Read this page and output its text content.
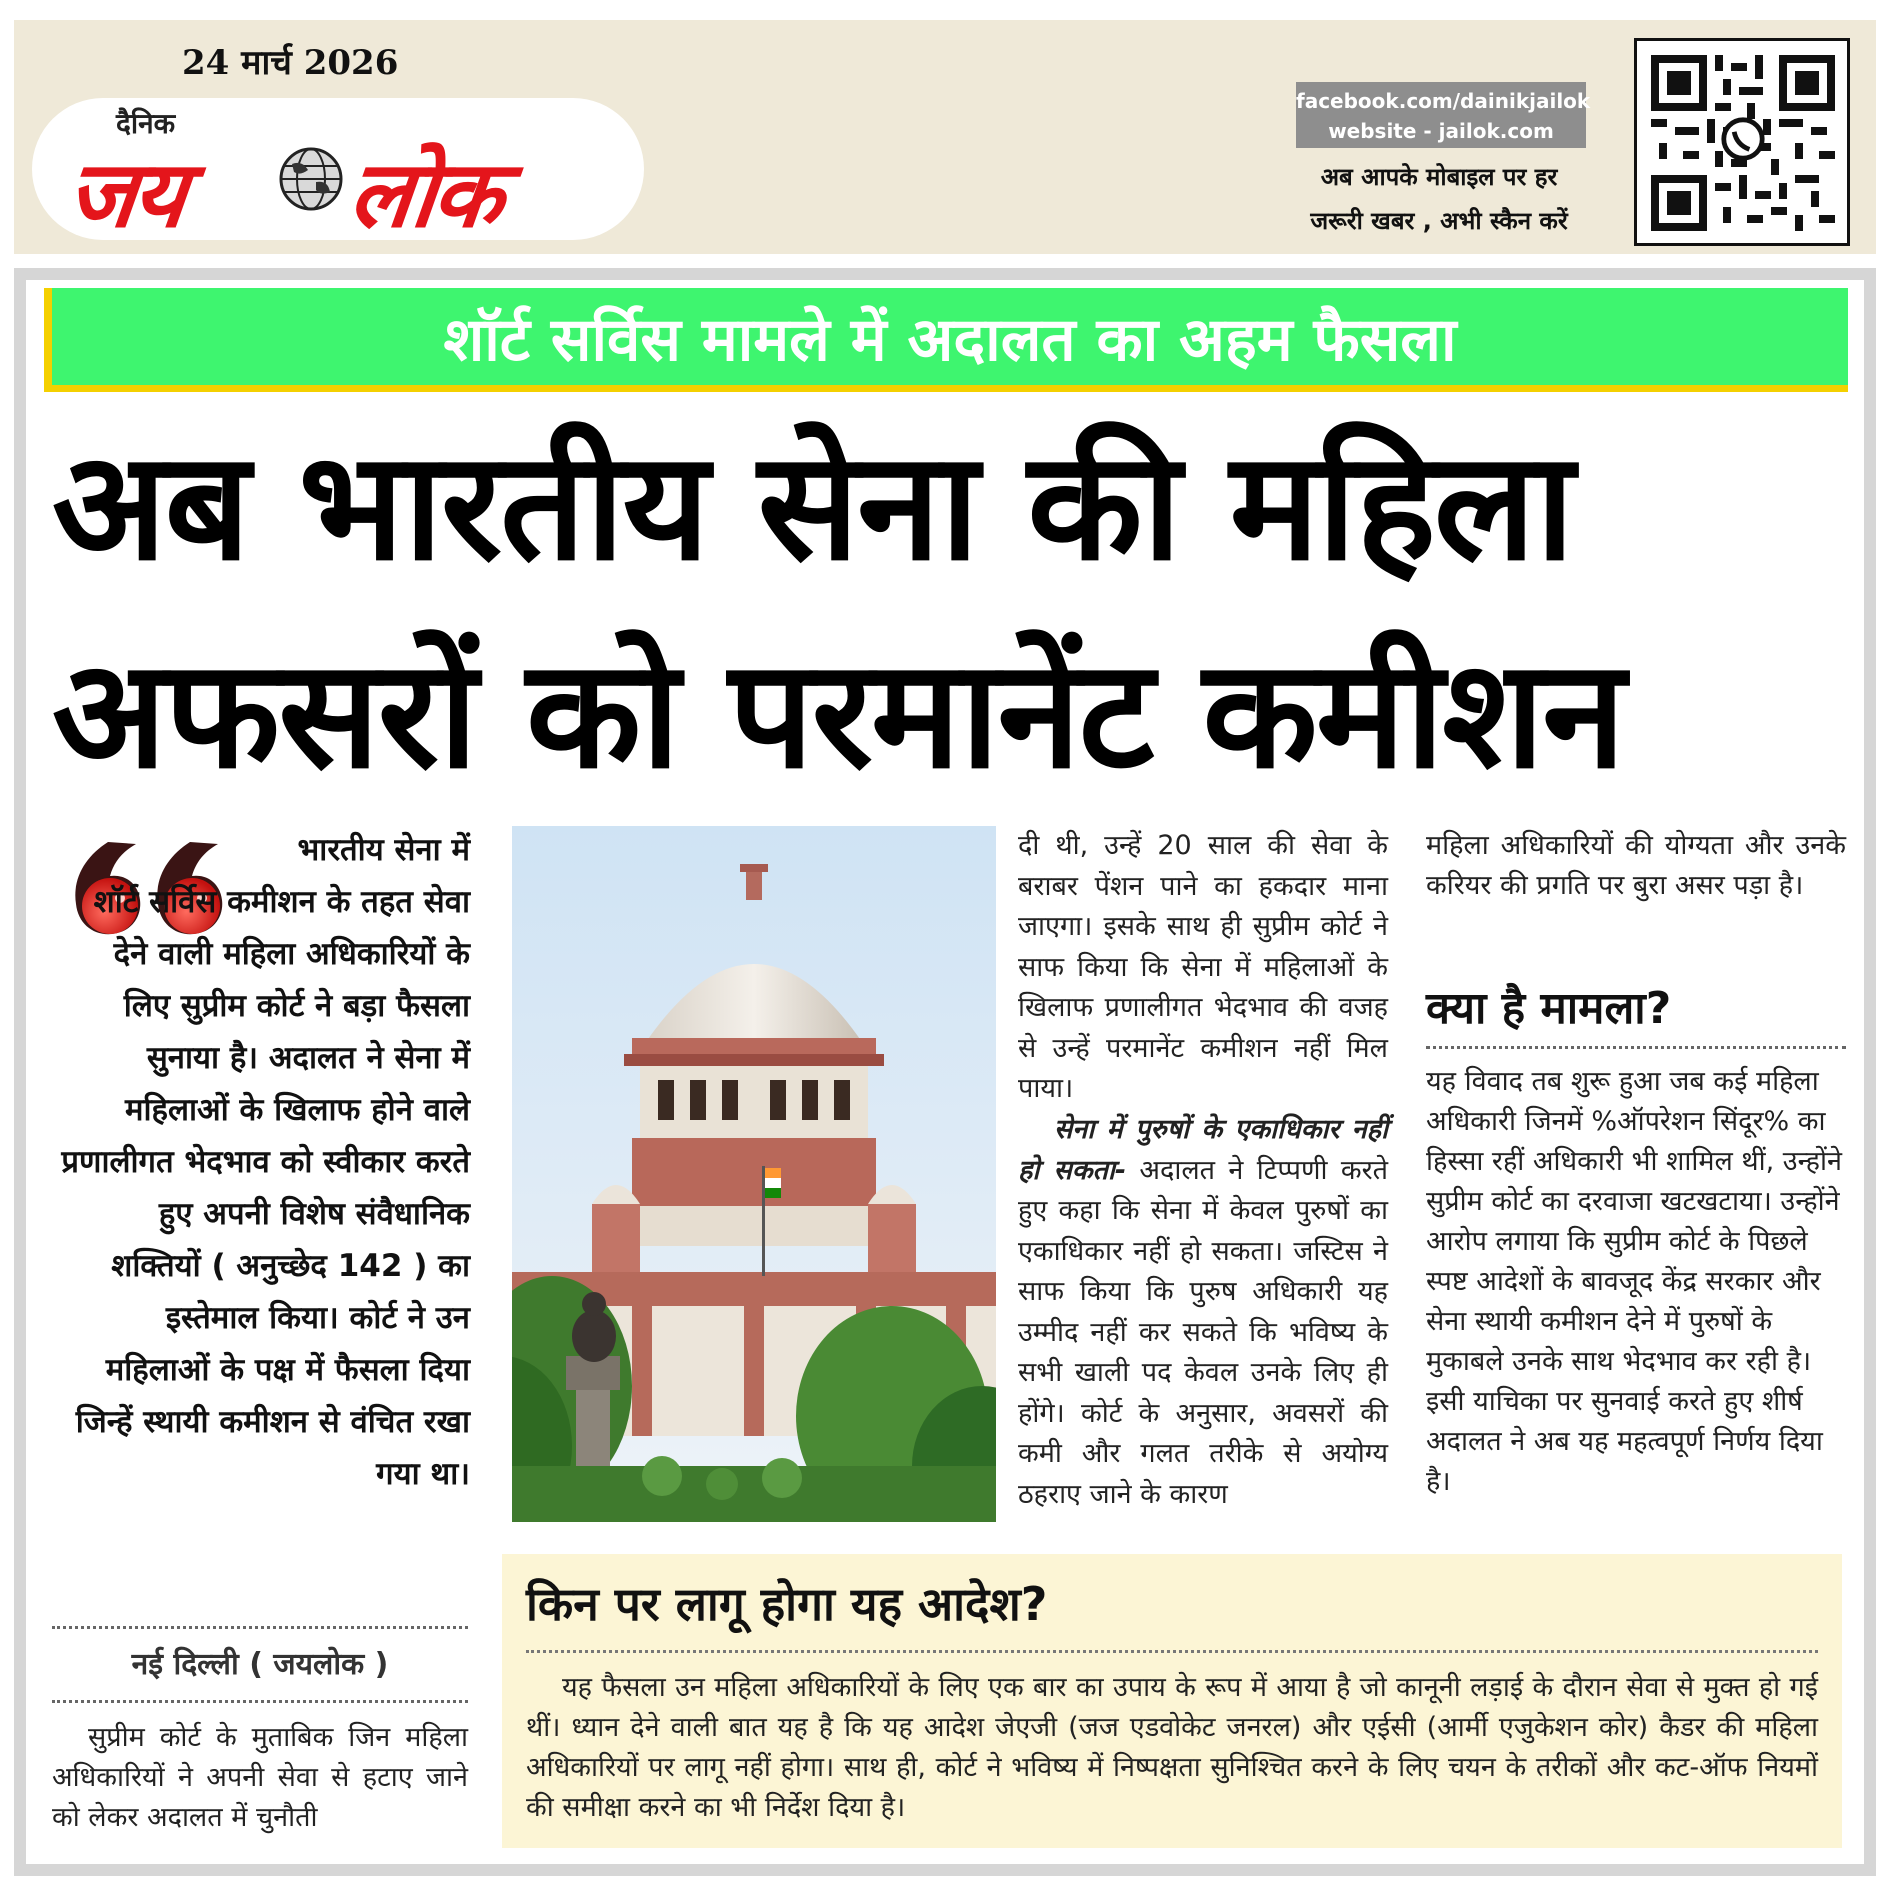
24 मार्च 2026
दैनिक
जय लोक
facebook.com/dainikjailok
website - jailok.com
अब आपके मोबाइल पर हर
जरूरी खबर , अभी स्कैन करें
शॉर्ट सर्विस मामले में अदालत का अहम फैसला
अब भारतीय सेना की महिला
अफसरों को परमानेंट कमीशन
भारतीय सेना में शॉर्ट सर्विस कमीशन के तहत सेवा देने वाली महिला अधिकारियों के लिए सुप्रीम कोर्ट ने बड़ा फैसला सुनाया है। अदालत ने सेना में महिलाओं के खिलाफ होने वाले प्रणालीगत भेदभाव को स्वीकार करते हुए अपनी विशेष संवैधानिक शक्तियों ( अनुच्छेद 142 ) का इस्तेमाल किया। कोर्ट ने उन महिलाओं के पक्ष में फैसला दिया जिन्हें स्थायी कमीशन से वंचित रखा गया था।
नई दिल्ली ( जयलोक )
सुप्रीम कोर्ट के मुताबिक जिन महिला अधिकारियों ने अपनी सेवा से हटाए जाने को लेकर अदालत में चुनौती
दी थी, उन्हें 20 साल की सेवा के बराबर पेंशन पाने का हकदार माना जाएगा। इसके साथ ही सुप्रीम कोर्ट ने साफ किया कि सेना में महिलाओं के खिलाफ प्रणालीगत भेदभाव की वजह से उन्हें परमानेंट कमीशन नहीं मिल पाया।
सेना में पुरुषों के एकाधिकार नहीं हो सकता- अदालत ने टिप्पणी करते हुए कहा कि सेना में केवल पुरुषों का एकाधिकार नहीं हो सकता। जस्टिस ने साफ किया कि पुरुष अधिकारी यह उम्मीद नहीं कर सकते कि भविष्य के सभी खाली पद केवल उनके लिए ही होंगे। कोर्ट के अनुसार, अवसरों की कमी और गलत तरीके से अयोग्य ठहराए जाने के कारण
महिला अधिकारियों की योग्यता और उनके करियर की प्रगति पर बुरा असर पड़ा है।
क्या है मामला?
यह विवाद तब शुरू हुआ जब कई महिला अधिकारी जिनमें %ऑपरेशन सिंदूर% का हिस्सा रहीं अधिकारी भी शामिल थीं, उन्होंने सुप्रीम कोर्ट का दरवाजा खटखटाया। उन्होंने आरोप लगाया कि सुप्रीम कोर्ट के पिछले स्पष्ट आदेशों के बावजूद केंद्र सरकार और सेना स्थायी कमीशन देने में पुरुषों के मुकाबले उनके साथ भेदभाव कर रही है। इसी याचिका पर सुनवाई करते हुए शीर्ष अदालत ने अब यह महत्वपूर्ण निर्णय दिया है।
किन पर लागू होगा यह आदेश?
यह फैसला उन महिला अधिकारियों के लिए एक बार का उपाय के रूप में आया है जो कानूनी लड़ाई के दौरान सेवा से मुक्त हो गई थीं। ध्यान देने वाली बात यह है कि यह आदेश जेएजी (जज एडवोकेट जनरल) और एईसी (आर्मी एजुकेशन कोर) कैडर की महिला अधिकारियों पर लागू नहीं होगा। साथ ही, कोर्ट ने भविष्य में निष्पक्षता सुनिश्चित करने के लिए चयन के तरीकों और कट-ऑफ नियमों की समीक्षा करने का भी निर्देश दिया है।
